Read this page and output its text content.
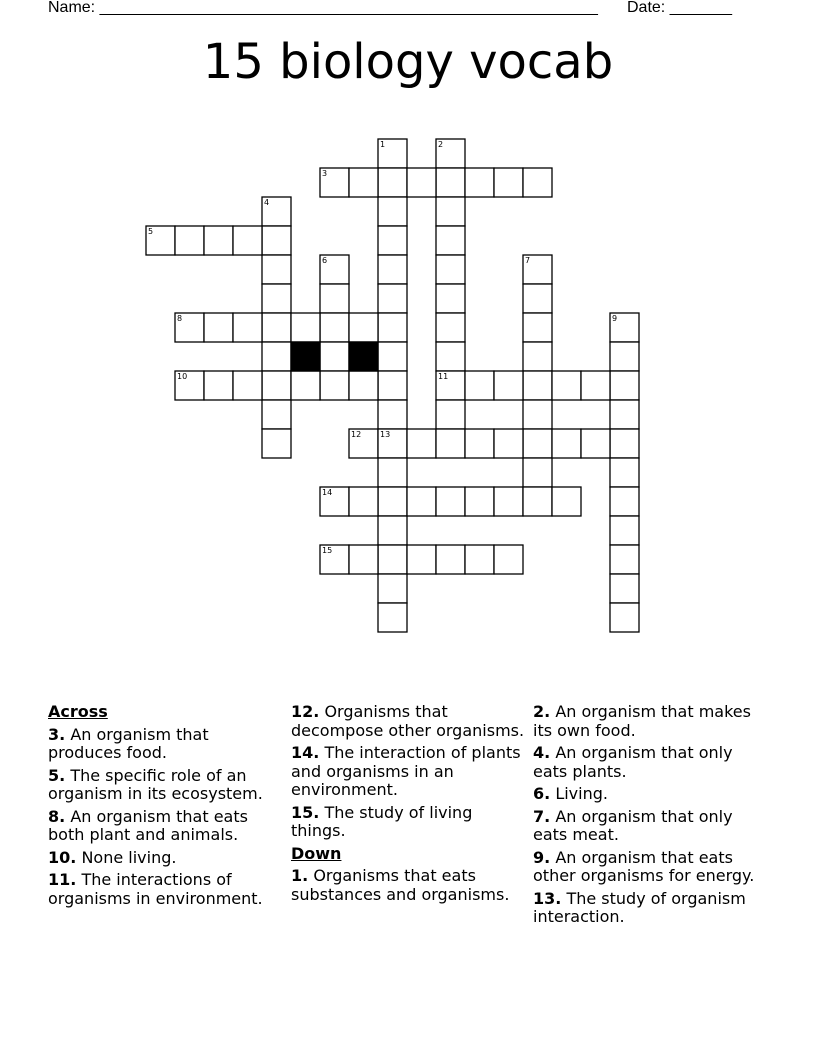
Name: ________________________________________________________ Date: _______
15 biology vocab
1	2
3
4
5
6	7
8	9
10	11
12 13
14
15
Across
3. An organism that produces food.
5. The specific role of an organism in its ecosystem.
8. An organism that eats both plant and animals.
10. None living.
11. The interactions of organisms in environment.
12. Organisms that decompose other organisms.
14. The interaction of plants and organisms in an environment.
15. The study of living things.
Down
1. Organisms that eats substances and organisms.
2. An organism that makes its own food.
4. An organism that only eats plants.
6. Living.
7. An organism that only eats meat.
9. An organism that eats other organisms for energy.
13. The study of organism interaction.
